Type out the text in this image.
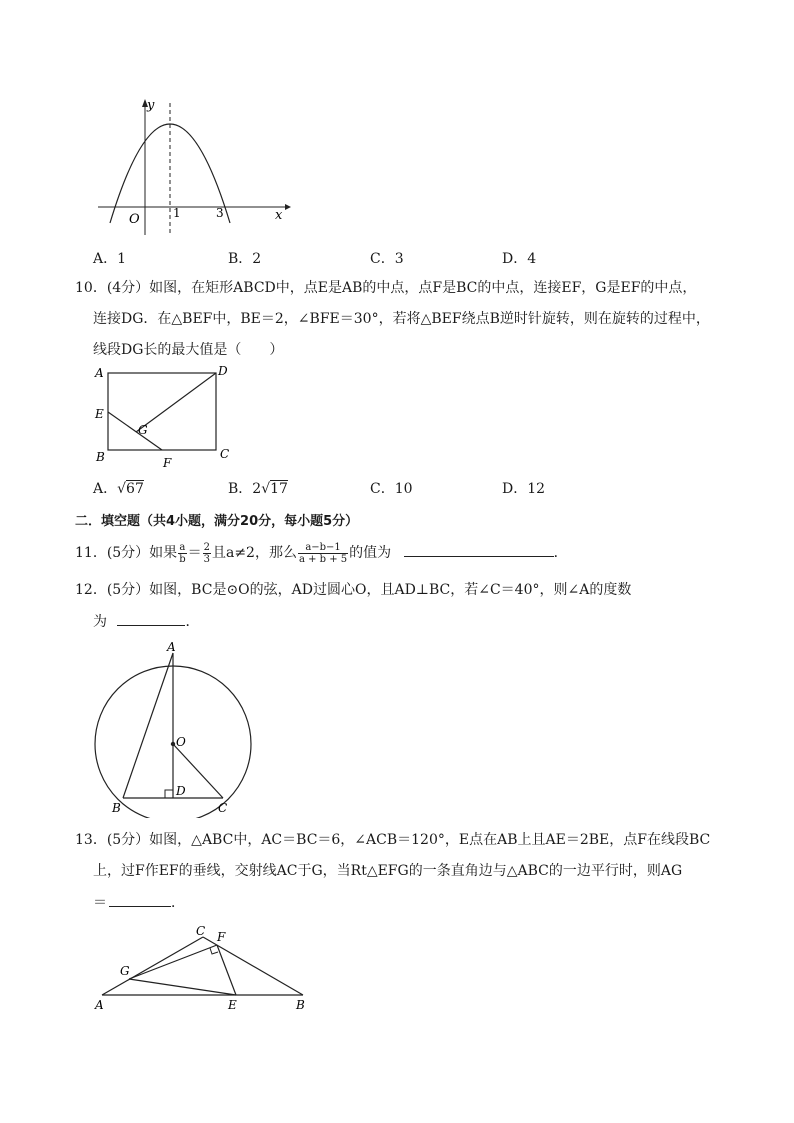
y
O	1	3	x
A．1	B．2	C．3	D．4
10．(4分）如图，在矩形ABCD中，点E是AB的中点，点F是BC的中点，连接EF，G是EF的中点，
连接DG．在△BEF中，BE＝2，∠BFE＝30°，若将△BEF绕点B逆时针旋转，则在旋转的过程中，
线段DG长的最大值是（　　）
A	D
E
G
B	F
C
A．√67	B．2√17	C．10	D．12
二．填空题（共4小题，满分20分，每小题5分）
11．(5分）如果 $\frac{a}{b} = \frac{2}{3}$ 且a≠2，那么 $\frac{a-b-1}{a + b + 5}$ 的值为	．
12．(5分）如图，BC是⊙O的弦，AD过圆心O，且AD⊥BC，若∠C＝40°，则∠A的度数
为	．
A
O
D
B	C
13．(5分）如图，△ABC中，AC＝BC＝6，∠ACB＝120°，E点在AB上且AE＝2BE，点F在线段BC
上，过F作EF的垂线，交射线AC于G，当Rt△EFG的一条直角边与△ABC的一边平行时，则AG
＝	．
C F
G
A	E	B
